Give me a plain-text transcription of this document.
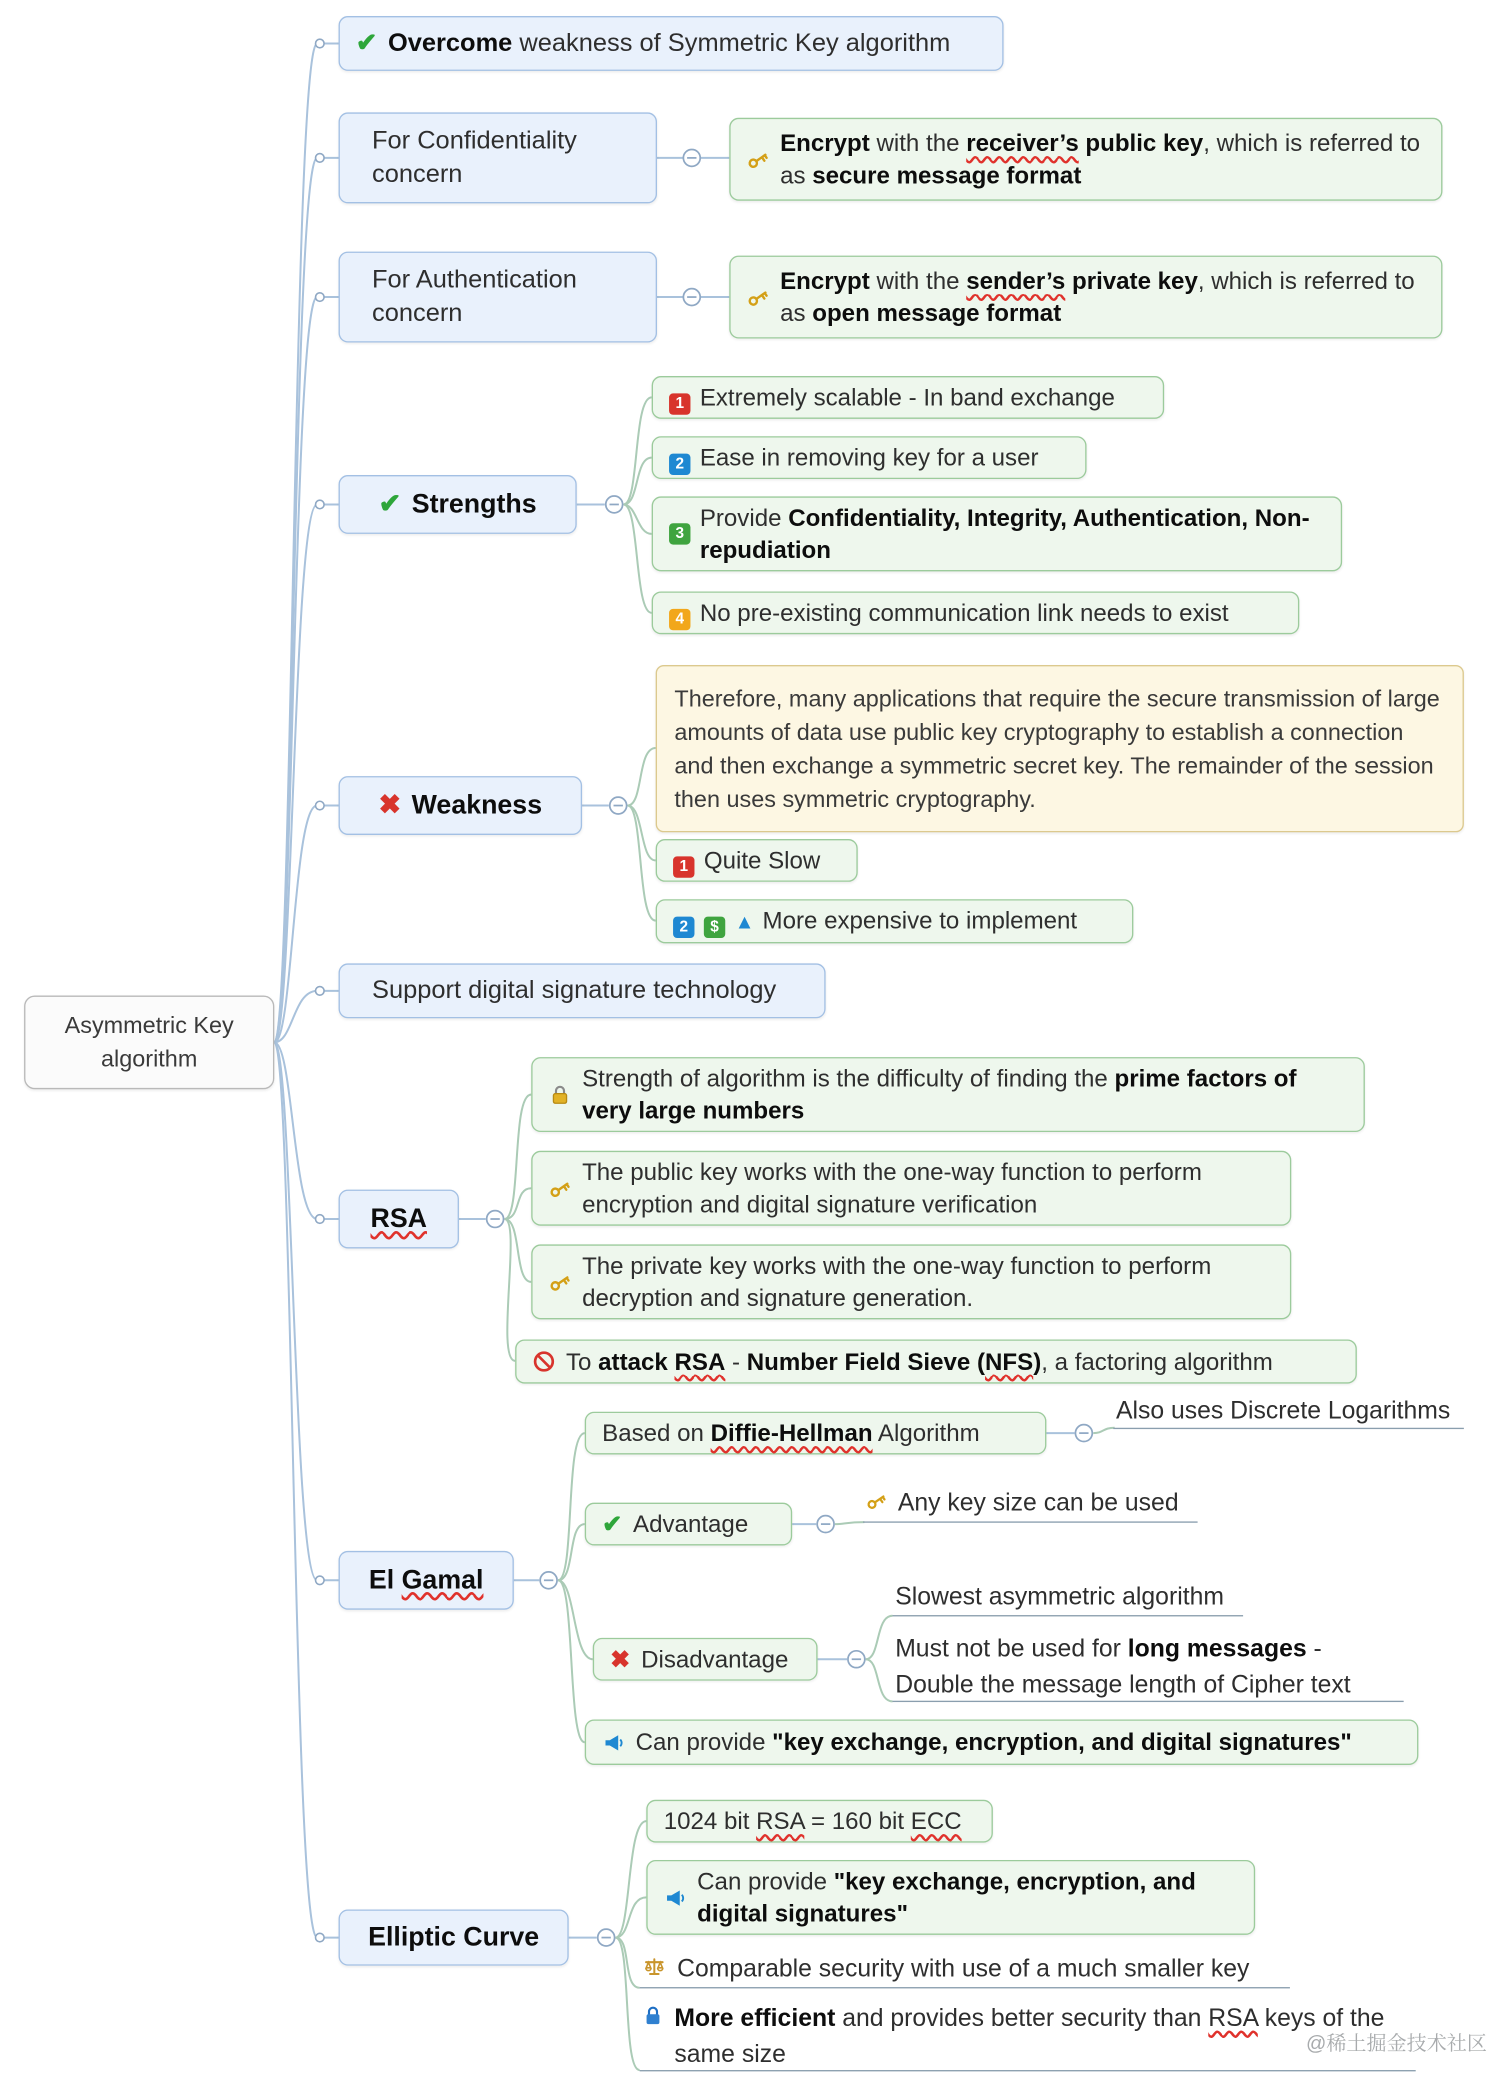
Asymmetric Key algorithm
✔ Overcome weakness of Symmetric Key algorithm
For Confidentiality concern
Encrypt with the receiver’s public key, which is referred to as secure message format
For Authentication concern
Encrypt with the sender’s private key, which is referred to as open message format
✔ Strengths
1 Extremely scalable - In band exchange
2 Ease in removing key for a user
3
Provide Confidentiality, Integrity, Authentication, Non-repudiation
4 No pre-existing communication link needs to exist
✖ Weakness
Therefore, many applications that require the secure transmission of large amounts of data use public key cryptography to establish a connection and then exchange a symmetric secret key. The remainder of the session then uses symmetric cryptography.
1 Quite Slow
2 $ ▲ More expensive to implement
Support digital signature technology
RSA
Strength of algorithm is the difficulty of finding the prime factors of very large numbers
The public key works with the one-way function to perform encryption and digital signature verification
The private key works with the one-way function to perform decryption and signature generation.
To attack RSA - Number Field Sieve (NFS), a factoring algorithm
El Gamal
Based on Diffie-Hellman Algorithm
Also uses Discrete Logarithms
✔ Advantage
Any key size can be used
✖ Disadvantage
Slowest asymmetric algorithm
Must not be used for long messages - Double the message length of Cipher text
Can provide "key exchange, encryption, and digital signatures"
Elliptic Curve
1024 bit RSA = 160 bit ECC
Can provide "key exchange, encryption, and digital signatures"
Comparable security with use of a much smaller key
More efficient and provides better security than RSA keys of the same size	@稀土掘金技术社区
